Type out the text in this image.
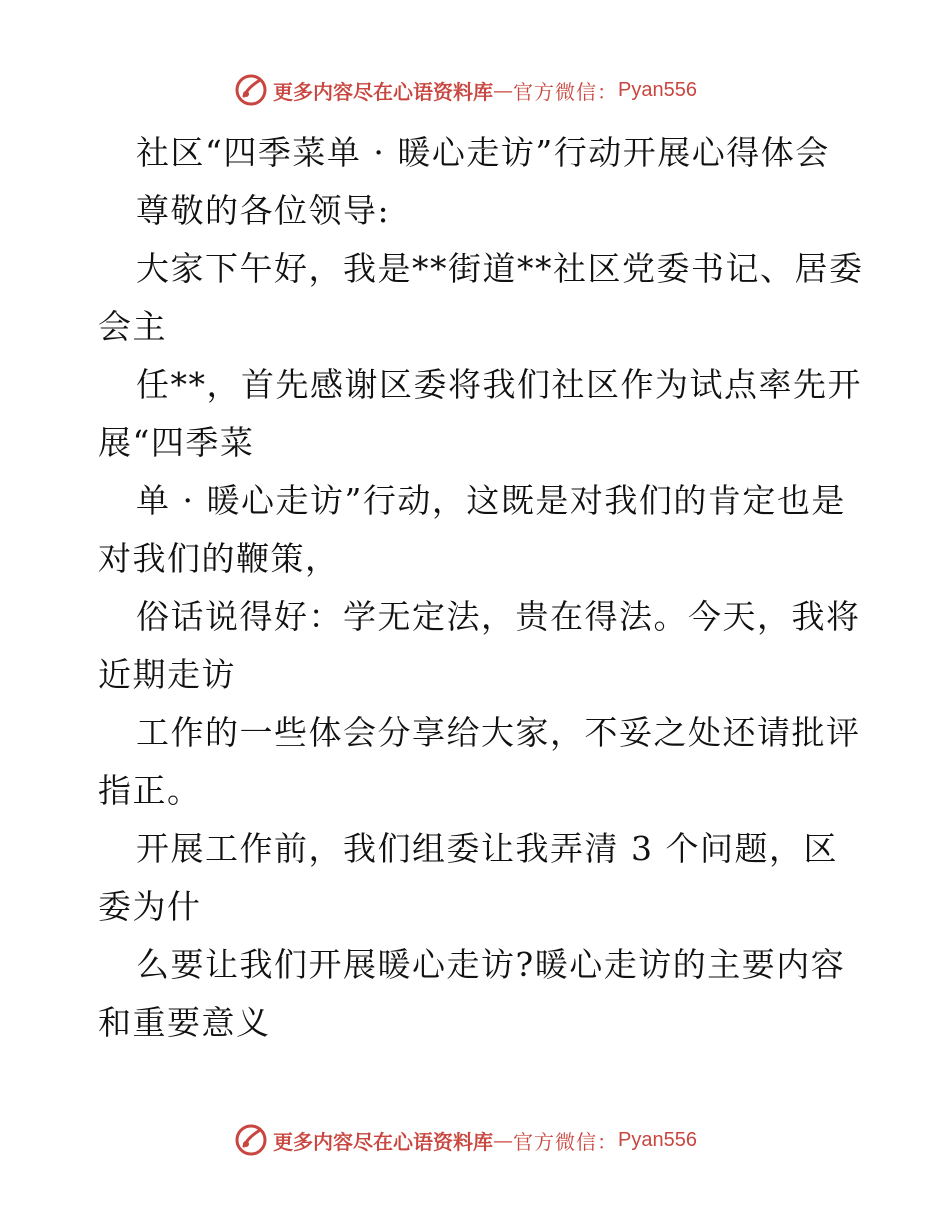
更多内容尽在心语资料库 — 官方微信： Pyan556
社区“四季菜单 · 暖心走访”行动开展心得体会
尊敬的各位领导:
大家下午好，我是**街道**社区党委书记、居委
会主
任**，首先感谢区委将我们社区作为试点率先开
展“四季菜
单 · 暖心走访”行动，这既是对我们的肯定也是
对我们的鞭策，
俗话说得好：学无定法，贵在得法。今天，我将
近期走访
工作的一些体会分享给大家，不妥之处还请批评
指正。
开展工作前，我们组委让我弄清 3 个问题，区
委为什
么要让我们开展暖心走访?暖心走访的主要内容
和重要意义
更多内容尽在心语资料库 — 官方微信： Pyan556
